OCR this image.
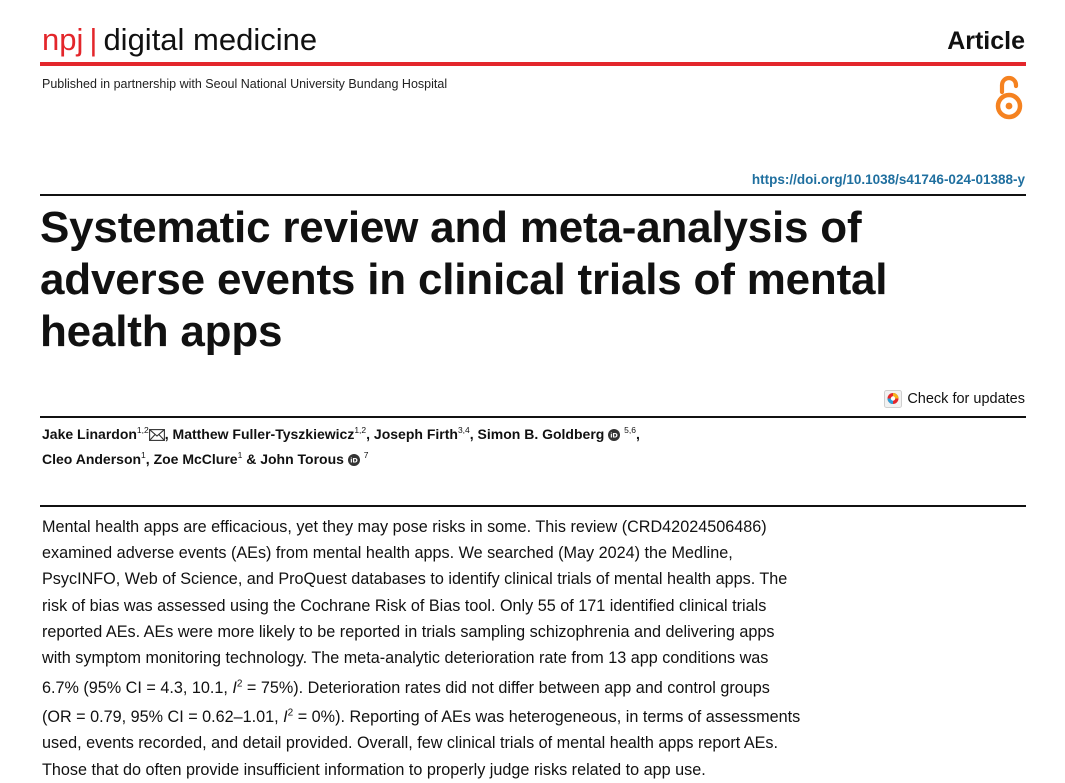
npj | digital medicine	Article
Published in partnership with Seoul National University Bundang Hospital
https://doi.org/10.1038/s41746-024-01388-y
Systematic review and meta-analysis of adverse events in clinical trials of mental health apps
Check for updates
Jake Linardon$^{1,2}$ , Matthew Fuller-Tyszkiewicz$^{1,2}$, Joseph Firth$^{3,4}$, Simon B. Goldberg iD
$^{5,6}$,
Cleo Anderson$^1$, Zoe McClure$^1$ & John Torous iD
$^7$

Mental health apps are efficacious, yet they may pose risks in some. This review (CRD42024506486)
examined adverse events (AEs) from mental health apps. We searched (May 2024) the Medline,
PsycINFO, Web of Science, and ProQuest databases to identify clinical trials of mental health apps. The
risk of bias was assessed using the Cochrane Risk of Bias tool. Only 55 of 171 identified clinical trials
reported AEs. AEs were more likely to be reported in trials sampling schizophrenia and delivering apps
with symptom monitoring technology. The meta-analytic deterioration rate from 13 app conditions was
6.7% (95% CI = 4.3, 10.1, $I^2 = 75\%$). Deterioration rates did not differ between app and control groups
(OR = 0.79, 95% CI = 0.62–1.01, $I^2 = 0\%$). Reporting of AEs was heterogeneous, in terms of assessments
used, events recorded, and detail provided. Overall, few clinical trials of mental health apps report AEs.
Those that do often provide insufficient information to properly judge risks related to app use.
